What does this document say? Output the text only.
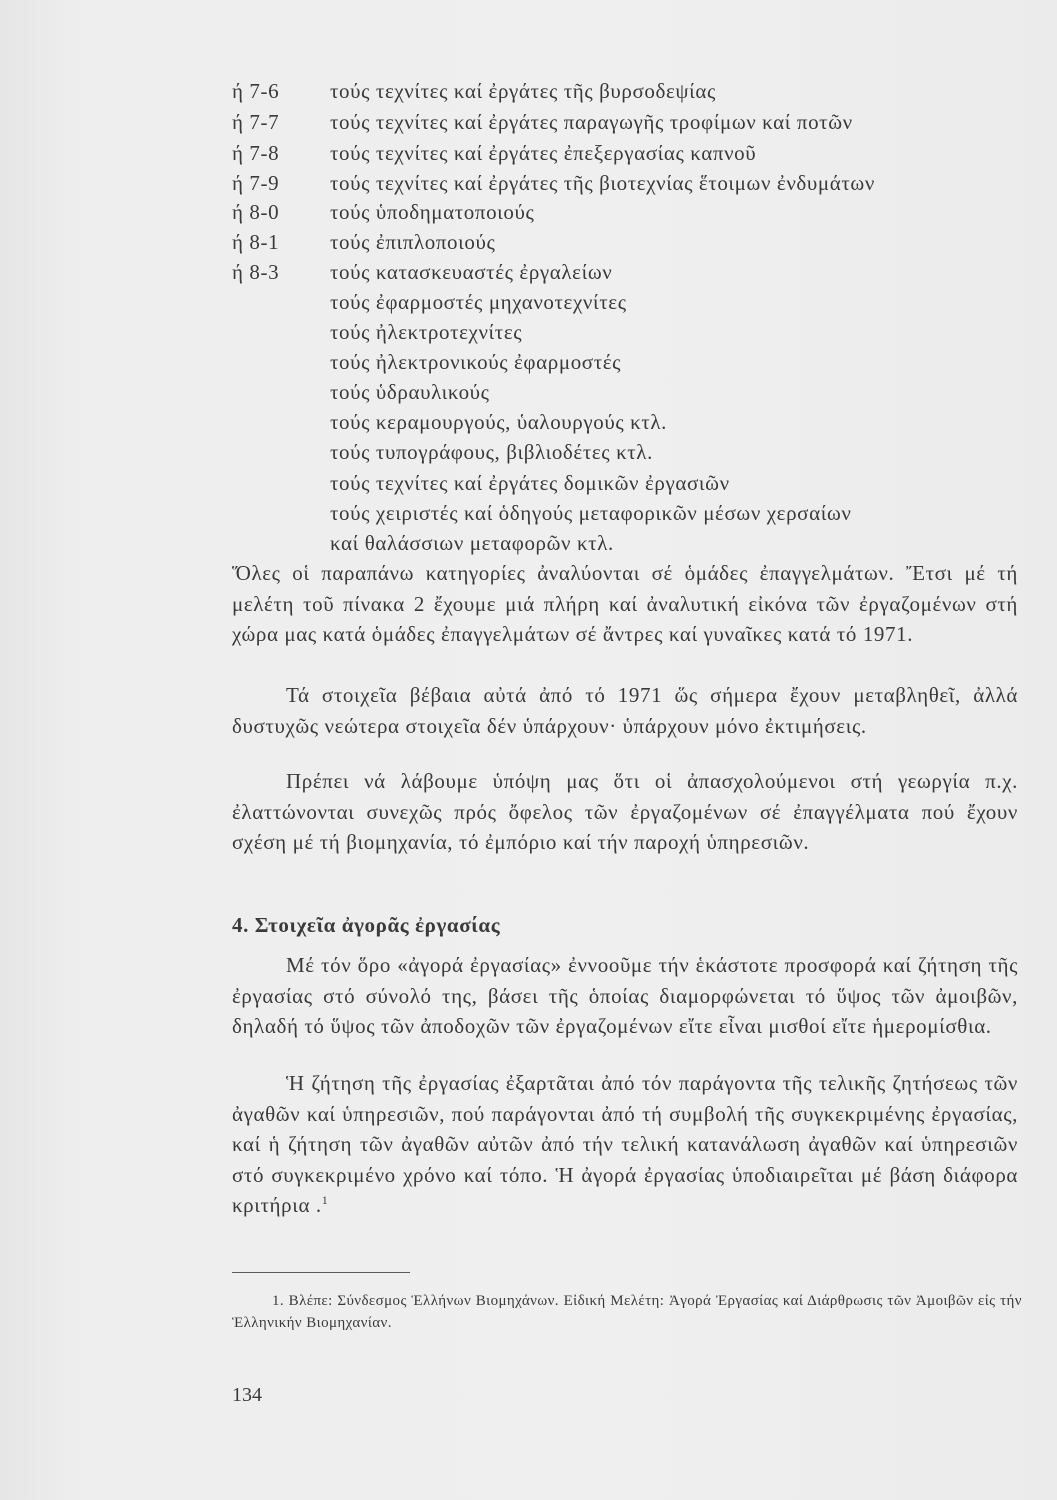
ή 7-6	τούς τεχνίτες καί ἐργάτες τῆς βυρσοδεψίας
ή 7-7	τούς τεχνίτες καί ἐργάτες παραγωγῆς τροφίμων καί ποτῶν
ή 7-8	τούς τεχνίτες καί ἐργάτες ἐπεξεργασίας καπνοῦ
ή 7-9	τούς τεχνίτες καί ἐργάτες τῆς βιοτεχνίας ἕτοιμων ἐνδυμάτων
ή 8-0	τούς ὑποδηματοποιούς
ή 8-1	τούς ἐπιπλοποιούς
ή 8-3	τούς κατασκευαστές ἐργαλείων
τούς ἐφαρμοστές μηχανοτεχνίτες
τούς ἠλεκτροτεχνίτες
τούς ἠλεκτρονικούς ἐφαρμοστές
τούς ὑδραυλικούς
τούς κεραμουργούς, ὑαλουργούς κτλ.
τούς τυπογράφους, βιβλιοδέτες κτλ.
τούς τεχνίτες καί ἐργάτες δομικῶν ἐργασιῶν
τούς χειριστές καί ὁδηγούς μεταφορικῶν μέσων χερσαίων
καί θαλάσσιων μεταφορῶν κτλ.

Ὅλες οἱ παραπάνω κατηγορίες ἀναλύονται σέ ὁμάδες ἐπαγγελμάτων. Ἔτσι μέ τή μελέτη τοῦ πίνακα 2 ἔχουμε μιά πλήρη καί ἀναλυτική εἰκόνα τῶν ἐργαζομένων στή χώρα μας κατά ὁμάδες ἐπαγγελμάτων σέ ἄντρες καί γυναῖκες κατά τό 1971.

Τά στοιχεῖα βέβαια αὐτά ἀπό τό 1971 ὥς σήμερα ἔχουν μεταβληθεῖ, ἀλλά δυστυχῶς νεώτερα στοιχεῖα δέν ὑπάρχουν· ὑπάρχουν μόνο ἐκτιμήσεις.

Πρέπει νά λάβουμε ὑπόψη μας ὅτι οἱ ἀπασχολούμενοι στή γεωργία π.χ. ἐλαττώνονται συνεχῶς πρός ὄφελος τῶν ἐργαζομένων σέ ἐπαγγέλματα πού ἔχουν σχέση μέ τή βιομηχανία, τό ἐμπόριο καί τήν παροχή ὑπηρεσιῶν.

4. Στοιχεῖα ἀγορᾶς ἐργασίας

Μέ τόν ὅρο «ἀγορά ἐργασίας» ἐννοοῦμε τήν ἑκάστοτε προσφορά καί ζήτηση τῆς ἐργασίας στό σύνολό της, βάσει τῆς ὁποίας διαμορφώνεται τό ὕψος τῶν ἀμοιβῶν, δηλαδή τό ὕψος τῶν ἀποδοχῶν τῶν ἐργαζομένων εἴτε εἶναι μισθοί εἴτε ἡμερομίσθια.

Ἡ ζήτηση τῆς ἐργασίας ἐξαρτᾶται ἀπό τόν παράγοντα τῆς τελικῆς ζητήσεως τῶν ἀγαθῶν καί ὑπηρεσιῶν, πού παράγονται ἀπό τή συμβολή τῆς συγκεκριμένης ἐργασίας, καί ἡ ζήτηση τῶν ἀγαθῶν αὐτῶν ἀπό τήν τελική κατανάλωση ἀγαθῶν καί ὑπηρεσιῶν στό συγκεκριμένο χρόνο καί τόπο. Ἡ ἀγορά ἐργασίας ὑποδιαιρεῖται μέ βάση διάφορα κριτήρια .$^1$

1. Βλέπε: Σύνδεσμος Ἑλλήνων Βιομηχάνων. Εἰδική Μελέτη: Ἀγορά Ἐργασίας καί Διάρθρωσις τῶν Ἀμοιβῶν εἰς τήν Ἑλληνικήν Βιομηχανίαν.

134
